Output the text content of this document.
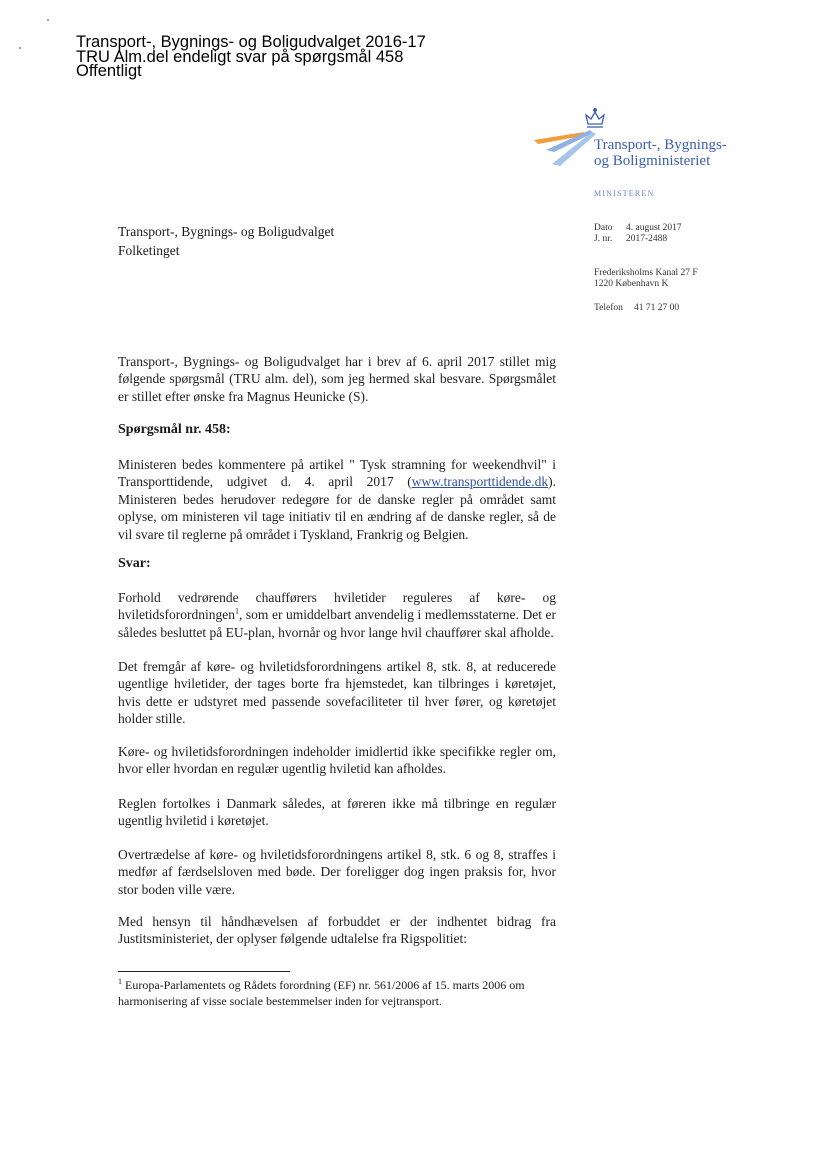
Transport-, Bygnings- og Boligudvalget 2016-17
TRU Alm.del endeligt svar på spørgsmål 458
Offentligt
Transport-, Bygnings-
og Boligministeriet
MINISTEREN
Dato 4. august 2017
J. nr. 2017-2488
Frederiksholms Kanal 27 F
1220 København K
Telefon 41 71 27 00
Transport-, Bygnings- og Boligudvalget
Folketinget
Transport-, Bygnings- og Boligudvalget har i brev af 6. april 2017 stillet mig følgende spørgsmål (TRU alm. del), som jeg hermed skal besvare. Spørgsmålet er stillet efter ønske fra Magnus Heunicke (S).
Spørgsmål nr. 458:
Ministeren bedes kommentere på artikel " Tysk stramning for weekendhvil" i Transporttidende, udgivet d. 4. april 2017 (www.transporttidende.dk). Ministeren bedes herudover redegøre for de danske regler på området samt oplyse, om ministeren vil tage initiativ til en ændring af de danske regler, så de vil svare til reglerne på området i Tyskland, Frankrig og Belgien.
Svar:
Forhold vedrørende chaufførers hviletider reguleres af køre- og hviletidsforordningen$^1$, som er umiddelbart anvendelig i medlemsstaterne. Det er således besluttet på EU-plan, hvornår og hvor lange hvil chauffører skal afholde.
Det fremgår af køre- og hviletidsforordningens artikel 8, stk. 8, at reducerede ugentlige hviletider, der tages borte fra hjemstedet, kan tilbringes i køretøjet, hvis dette er udstyret med passende sovefaciliteter til hver fører, og køretøjet holder stille.
Køre- og hviletidsforordningen indeholder imidlertid ikke specifikke regler om, hvor eller hvordan en regulær ugentlig hviletid kan afholdes.
Reglen fortolkes i Danmark således, at føreren ikke må tilbringe en regulær ugentlig hviletid i køretøjet.
Overtrædelse af køre- og hviletidsforordningens artikel 8, stk. 6 og 8, straffes i medfør af færdselsloven med bøde. Der foreligger dog ingen praksis for, hvor stor boden ville være.
Med hensyn til håndhævelsen af forbuddet er der indhentet bidrag fra Justitsministeriet, der oplyser følgende udtalelse fra Rigspolitiet:
$^1$ Europa-Parlamentets og Rådets forordning (EF) nr. 561/2006 af 15. marts 2006 om harmonisering af visse sociale bestemmelser inden for vejtransport.
